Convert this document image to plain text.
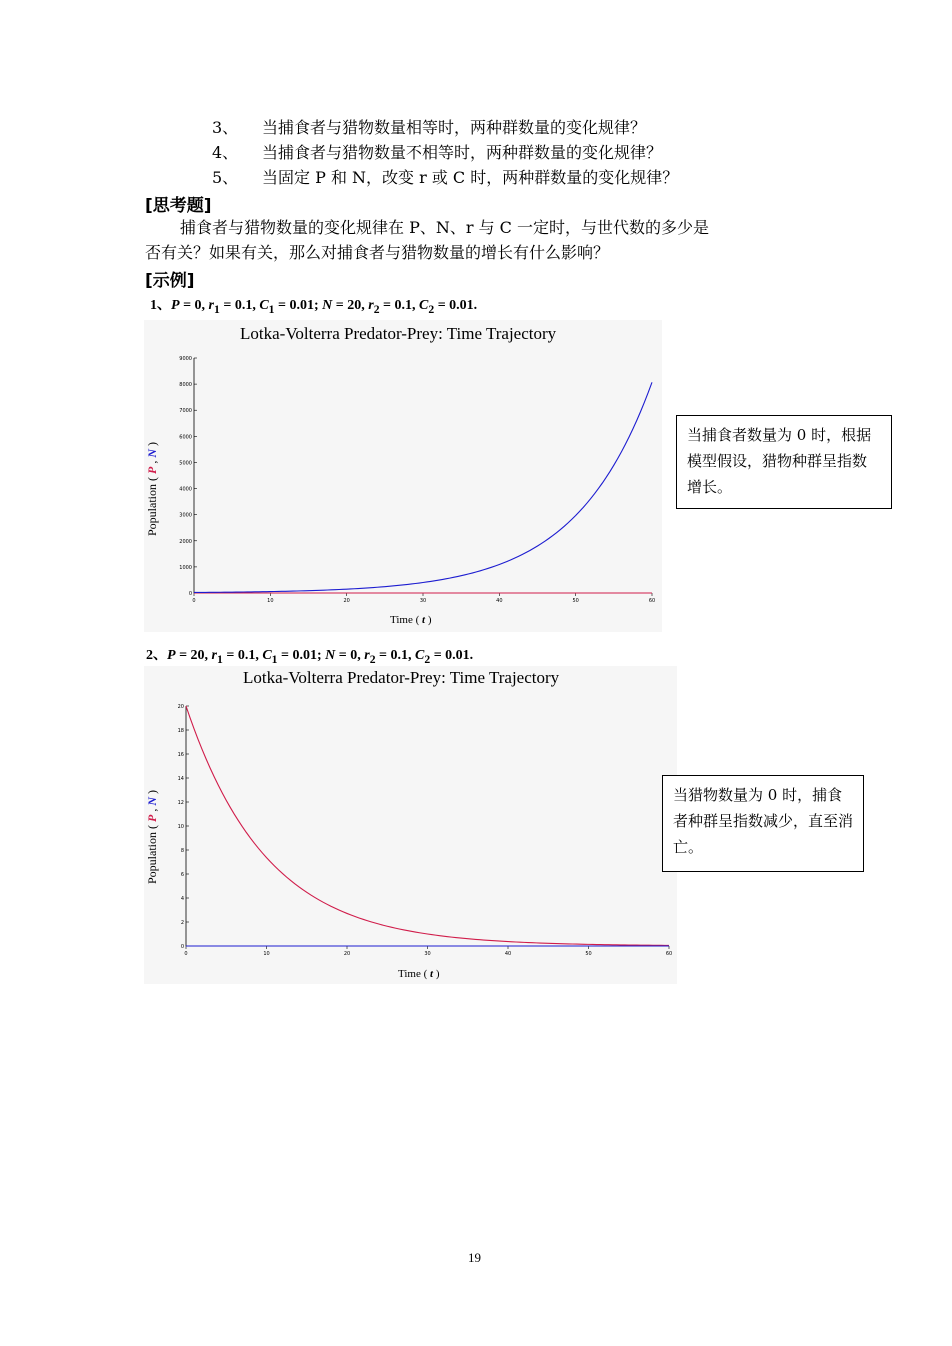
3、 当捕食者与猎物数量相等时，两种群数量的变化规律？
4、 当捕食者与猎物数量不相等时，两种群数量的变化规律？
5、 当固定 P 和 N，改变 r 或 C 时，两种群数量的变化规律？
[思考题]
捕食者与猎物数量的变化规律在 P、N、r 与 C 一定时，与世代数的多少是
否有关？如果有关，那么对捕食者与猎物数量的增长有什么影响？
[示例]
1、P = 0, $r_1 = 0.1$, $C_1 = 0.01$; N = 20, $r_2 = 0.1$, $C_2 = 0.01$.
Lotka-Volterra Predator-Prey: Time Trajectory
Population ( P , N )
0
1000
2000
3000
4000
5000
6000
7000
8000
9000
0	10	20	30	40	50	60
Time ( t )
当捕食者数量为 0 时，根据模型假设，猎物种群呈指数增长。
2、P = 20, $r_1 = 0.1$, $C_1 = 0.01$; N = 0, $r_2 = 0.1$, $C_2 = 0.01$.
Lotka-Volterra Predator-Prey: Time Trajectory
Population ( P , N )
0
2
4
6
8
10
12
14
16
18
20
0	10	20	30	40	50	60
Time ( t )
当猎物数量为 0 时，捕食者种群呈指数减少，直至消亡。
19
